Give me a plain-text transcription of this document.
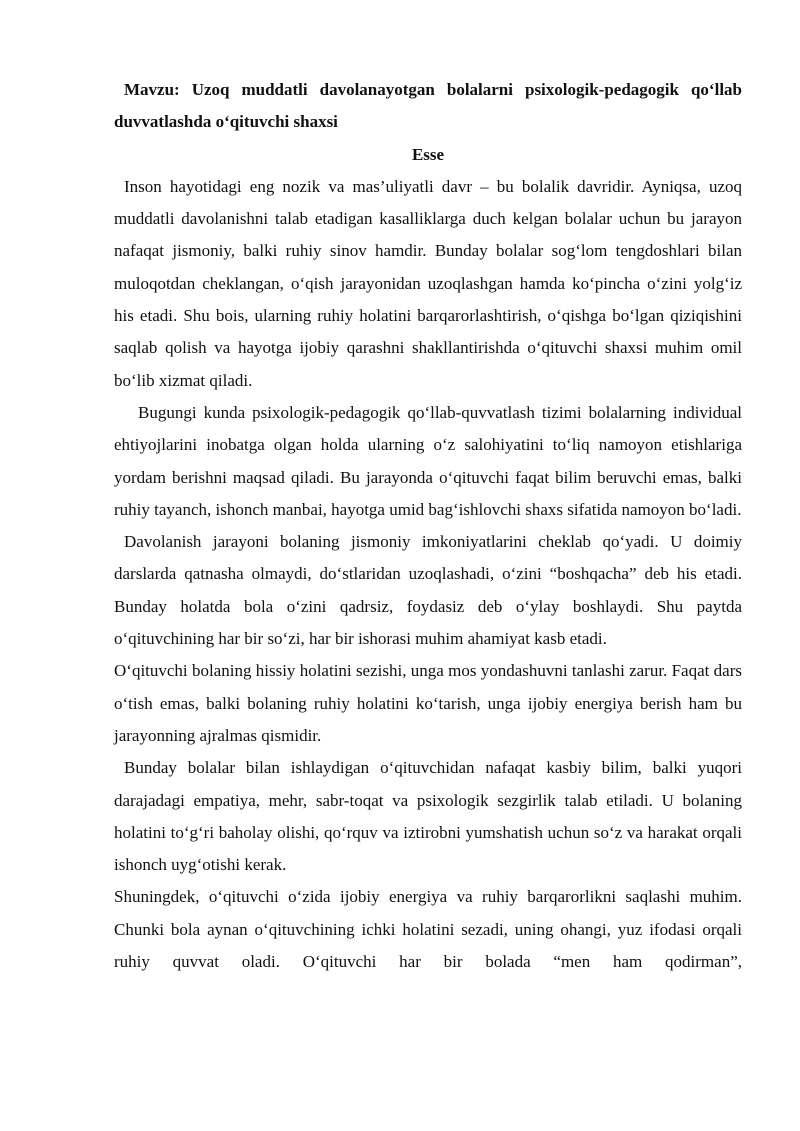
Mavzu: Uzoq muddatli davolanayotgan bolalarni psixologik-pedagogik qo‘llab duvvatlashda o‘qituvchi shaxsi

Esse

Inson hayotidagi eng nozik va mas’uliyatli davr – bu bolalik davridir. Ayniqsa, uzoq muddatli davolanishni talab etadigan kasalliklarga duch kelgan bolalar uchun bu jarayon nafaqat jismoniy, balki ruhiy sinov hamdir. Bunday bolalar sog‘lom tengdoshlari bilan muloqotdan cheklangan, o‘qish jarayonidan uzoqlashgan hamda ko‘pincha o‘zini yolg‘iz his etadi. Shu bois, ularning ruhiy holatini barqarorlashtirish, o‘qishga bo‘lgan qiziqishini saqlab qolish va hayotga ijobiy qarashni shakllantirishda o‘qituvchi shaxsi muhim omil bo‘lib xizmat qiladi.

Bugungi kunda psixologik-pedagogik qo‘llab-quvvatlash tizimi bolalarning individual ehtiyojlarini inobatga olgan holda ularning o‘z salohiyatini to‘liq namoyon etishlariga yordam berishni maqsad qiladi. Bu jarayonda o‘qituvchi faqat bilim beruvchi emas, balki ruhiy tayanch, ishonch manbai, hayotga umid bag‘ishlovchi shaxs sifatida namoyon bo‘ladi.

Davolanish jarayoni bolaning jismoniy imkoniyatlarini cheklab qo‘yadi. U doimiy darslarda qatnasha olmaydi, do‘stlaridan uzoqlashadi, o‘zini “boshqacha” deb his etadi. Bunday holatda bola o‘zini qadrsiz, foydasiz deb o‘ylay boshlaydi. Shu paytda o‘qituvchining har bir so‘zi, har bir ishorasi muhim ahamiyat kasb etadi.

O‘qituvchi bolaning hissiy holatini sezishi, unga mos yondashuvni tanlashi zarur. Faqat dars o‘tish emas, balki bolaning ruhiy holatini ko‘tarish, unga ijobiy energiya berish ham bu jarayonning ajralmas qismidir.

Bunday bolalar bilan ishlaydigan o‘qituvchidan nafaqat kasbiy bilim, balki yuqori darajadagi empatiya, mehr, sabr-toqat va psixologik sezgirlik talab etiladi. U bolaning holatini to‘g‘ri baholay olishi, qo‘rquv va iztirobni yumshatish uchun so‘z va harakat orqali ishonch uyg‘otishi kerak.

Shuningdek, o‘qituvchi o‘zida ijobiy energiya va ruhiy barqarorlikni saqlashi muhim. Chunki bola aynan o‘qituvchining ichki holatini sezadi, uning ohangi, yuz ifodasi orqali ruhiy quvvat oladi. O‘qituvchi har bir bolada “men ham qodirman”,
